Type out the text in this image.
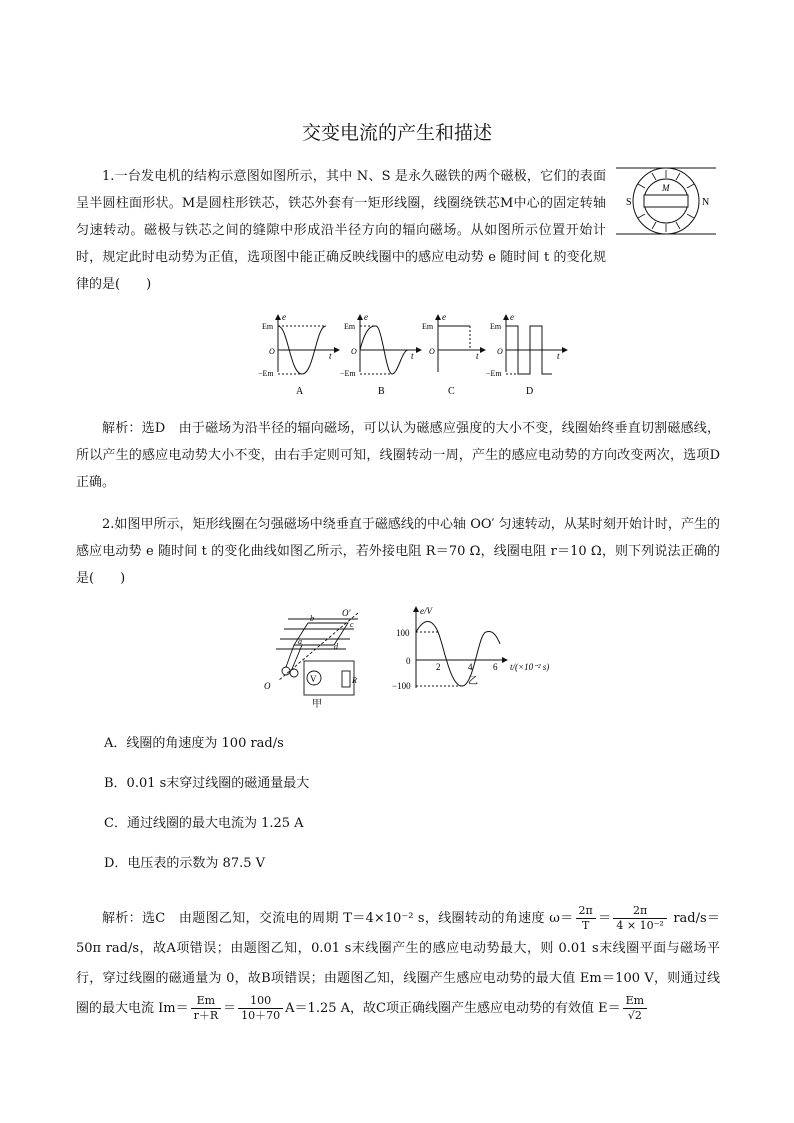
交变电流的产生和描述
1.一台发电机的结构示意图如图所示，其中 N、S 是永久磁铁的两个磁极，它们的表面呈半圆柱面形状。M是圆柱形铁芯，铁芯外套有一矩形线圈，线圈绕铁芯M中心的固定转轴匀速转动。磁极与铁芯之间的缝隙中形成沿半径方向的辐向磁场。从如图所示位置开始计时，规定此时电动势为正值，选项图中能正确反映线圈中的感应电动势 e 随时间 t 的变化规律的是(　　)
S	N
M
Em
−Em
O
e
t
A
Em
−Em
O
e
t
B
Em
O
e
t
C
Em
−Em
O
e
t
D
解析：选D　由于磁场为沿半径的辐向磁场，可以认为磁感应强度的大小不变，线圈始终垂直切割磁感线，所以产生的感应电动势大小不变，由右手定则可知，线圈转动一周，产生的感应电动势的方向改变两次，选项D正确。
2.如图甲所示，矩形线圈在匀强磁场中绕垂直于磁感线的中心轴 OO′ 匀速转动，从某时刻开始计时，产生的感应电动势 e 随时间 t 的变化曲线如图乙所示，若外接电阻 R＝70 Ω，线圈电阻 r＝10 Ω，则下列说法正确的是(　　)
V	R
O′
O
a
b
c
d
甲
e/V
100
0
−100
2	4 6 t/(×10⁻² s)
乙
A．线圈的角速度为 100 rad/s
B．0.01 s末穿过线圈的磁通量最大
C．通过线圈的最大电流为 1.25 A
D．电压表的示数为 87.5 V
解析：选C　由题图乙知，交流电的周期 T＝4×10⁻² s，线圈转动的角速度 $\omega= \frac{2\pi}{T} = \frac{2\pi}{\text{4 × 10⁻²}} rad/s=50\pi$ rad/s，故A项错误；由题图乙知，0.01 s末线圈产生的感应电动势最大，则 0.01 s末线圈平面与磁场平行，穿过线圈的磁通量为 0，故B项错误；由题图乙知，线圈产生感应电动势的最大值 Em＝100 V，则通过线圈的最大电流 $Im= \frac{Em}{r+R} = \frac{100}{10+70} A=1.25$ A，故C项正确线圈产生感应电动势的有效值 $E= \frac{Em}{√2}$
